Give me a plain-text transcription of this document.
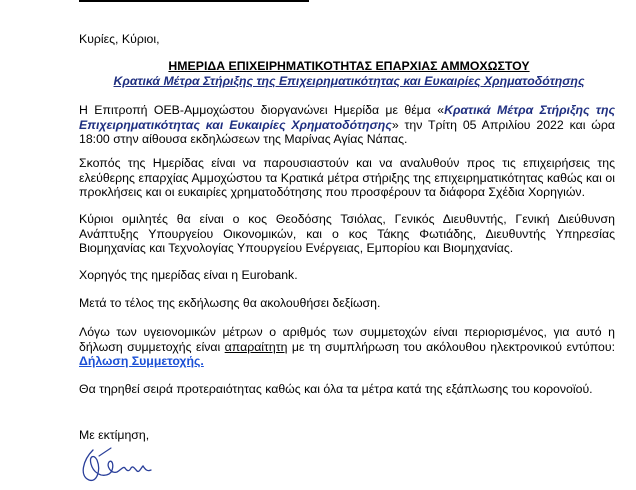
Κυρίες, Κύριοι,

ΗΜΕΡΙΔΑ ΕΠΙΧΕΙΡΗΜΑΤΙΚΟΤΗΤΑΣ ΕΠΑΡΧΙΑΣ ΑΜΜΟΧΩΣΤΟΥ
Κρατικά Μέτρα Στήριξης της Επιχειρηματικότητας και Ευκαιρίες Χρηματοδότησης

Η Επιτροπή ΟΕΒ-Αμμοχώστου διοργανώνει Ημερίδα με θέμα «Κρατικά Μέτρα Στήριξης της Επιχειρηματικότητας και Ευκαιρίες Χρηματοδότησης» την Τρίτη 05 Απριλίου 2022 και ώρα 18:00 στην αίθουσα εκδηλώσεων της Μαρίνας Αγίας Νάπας.

Σκοπός της Ημερίδας είναι να παρουσιαστούν και να αναλυθούν προς τις επιχειρήσεις της ελεύθερης επαρχίας Αμμοχώστου τα Κρατικά μέτρα στήριξης της επιχειρηματικότητας καθώς και οι προκλήσεις και οι ευκαιρίες χρηματοδότησης που προσφέρουν τα διάφορα Σχέδια Χορηγιών.

Κύριοι ομιλητές θα είναι ο κος Θεοδόσης Τσιόλας, Γενικός Διευθυντής, Γενική Διεύθυνση Ανάπτυξης Υπουργείου Οικονομικών, και ο κος Τάκης Φωτιάδης, Διευθυντής Υπηρεσίας Βιομηχανίας και Τεχνολογίας Υπουργείου Ενέργειας, Εμπορίου και Βιομηχανίας.

Χορηγός της ημερίδας είναι η Eurobank.

Μετά το τέλος της εκδήλωσης θα ακολουθήσει δεξίωση.

Λόγω των υγειονομικών μέτρων ο αριθμός των συμμετοχών είναι περιορισμένος, για αυτό η δήλωση συμμετοχής είναι απαραίτητη με τη συμπλήρωση του ακόλουθου ηλεκτρονικού εντύπου: Δήλωση Συμμετοχής.

Θα τηρηθεί σειρά προτεραιότητας καθώς και όλα τα μέτρα κατά της εξάπλωσης του κορονοϊού.

Με εκτίμηση,
